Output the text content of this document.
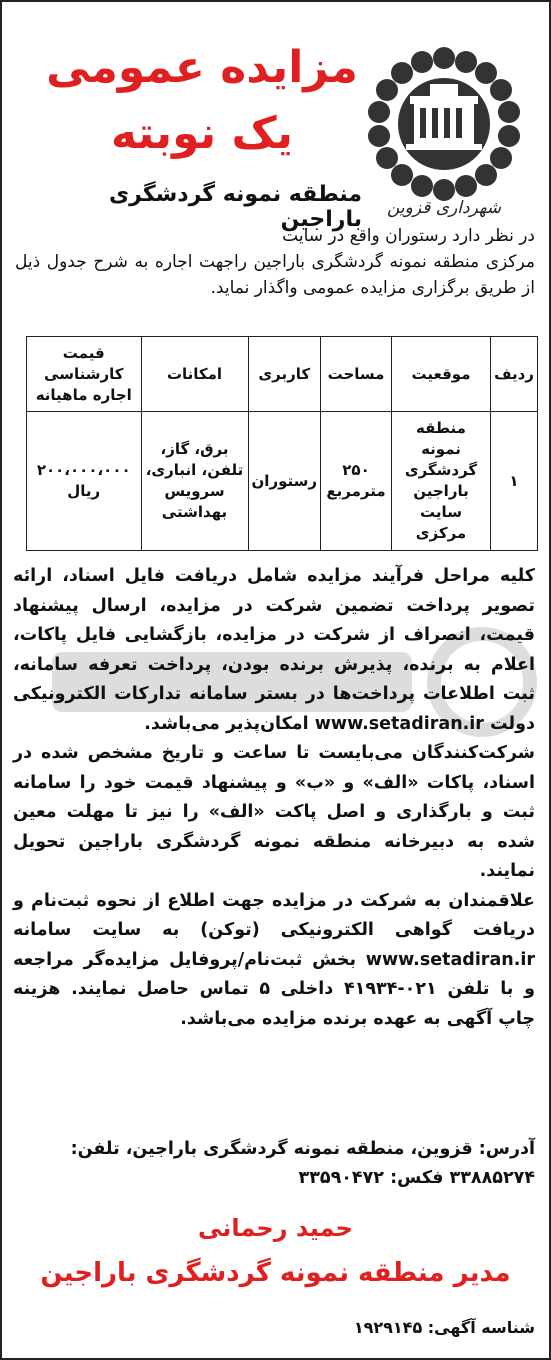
شهرداری قزوین
مزایده عمومی
یک نوبته
منطقه نمونه گردشگری باراجین
در نظر دارد رستوران واقع در سایت
مرکزی منطقه نمونه گردشگری باراجین راجهت اجاره به شرح جدول ذیل از طریق برگزاری مزایده عمومی واگذار نماید.
ردیف	موقعیت	مساحت	کاربری	امکانات	قیمت کارشناسی اجاره ماهیانه
۱	منطقه نمونه گردشگری باراجین سایت مرکزی	۲۵۰ مترمربع	رستوران	برق، گاز، تلفن، انباری، سرویس بهداشتی	۲۰۰،۰۰۰،۰۰۰ ریال

کلیه مراحل فرآیند مزایده شامل دریافت فایل اسناد، ارائه تصویر پرداخت تضمین شرکت در مزایده، ارسال پیشنهاد قیمت، انصراف از شرکت در مزایده، بازگشایی فایل پاکات، اعلام به برنده، پذیرش برنده بودن، پرداخت تعرفه سامانه، ثبت اطلاعات پرداخت‌ها در بستر سامانه تدارکات الکترونیکی دولت www.setadiran.ir امکان‌پذیر می‌باشد.

شرکت‌کنندگان می‌بایست تا ساعت و تاریخ مشخص شده در اسناد، پاکات «الف» و «ب» و پیشنهاد قیمت خود را سامانه ثبت و بارگذاری و اصل پاکت «الف» را نیز تا مهلت معین شده به دبیرخانه منطقه نمونه گردشگری باراجین تحویل نمایند.

علاقمندان به شرکت در مزایده جهت اطلاع از نحوه ثبت‌نام و دریافت گواهی الکترونیکی (توکن) به سایت سامانه www.setadiran.ir بخش ثبت‌نام/پروفایل مزایده‌گر مراجعه و با تلفن ۰۲۱-۴۱۹۳۴ داخلی ۵ تماس حاصل نمایند. هزینه چاپ آگهی به عهده برنده مزایده می‌باشد.

آدرس: قزوین، منطقه نمونه گردشگری باراجین، تلفن: ۳۳۸۸۵۲۷۴ فکس: ۳۳۵۹۰۴۷۲
حمید رحمانی
مدیر منطقه نمونه گردشگری باراجین
شناسه آگهی: ۱۹۲۹۱۴۵
